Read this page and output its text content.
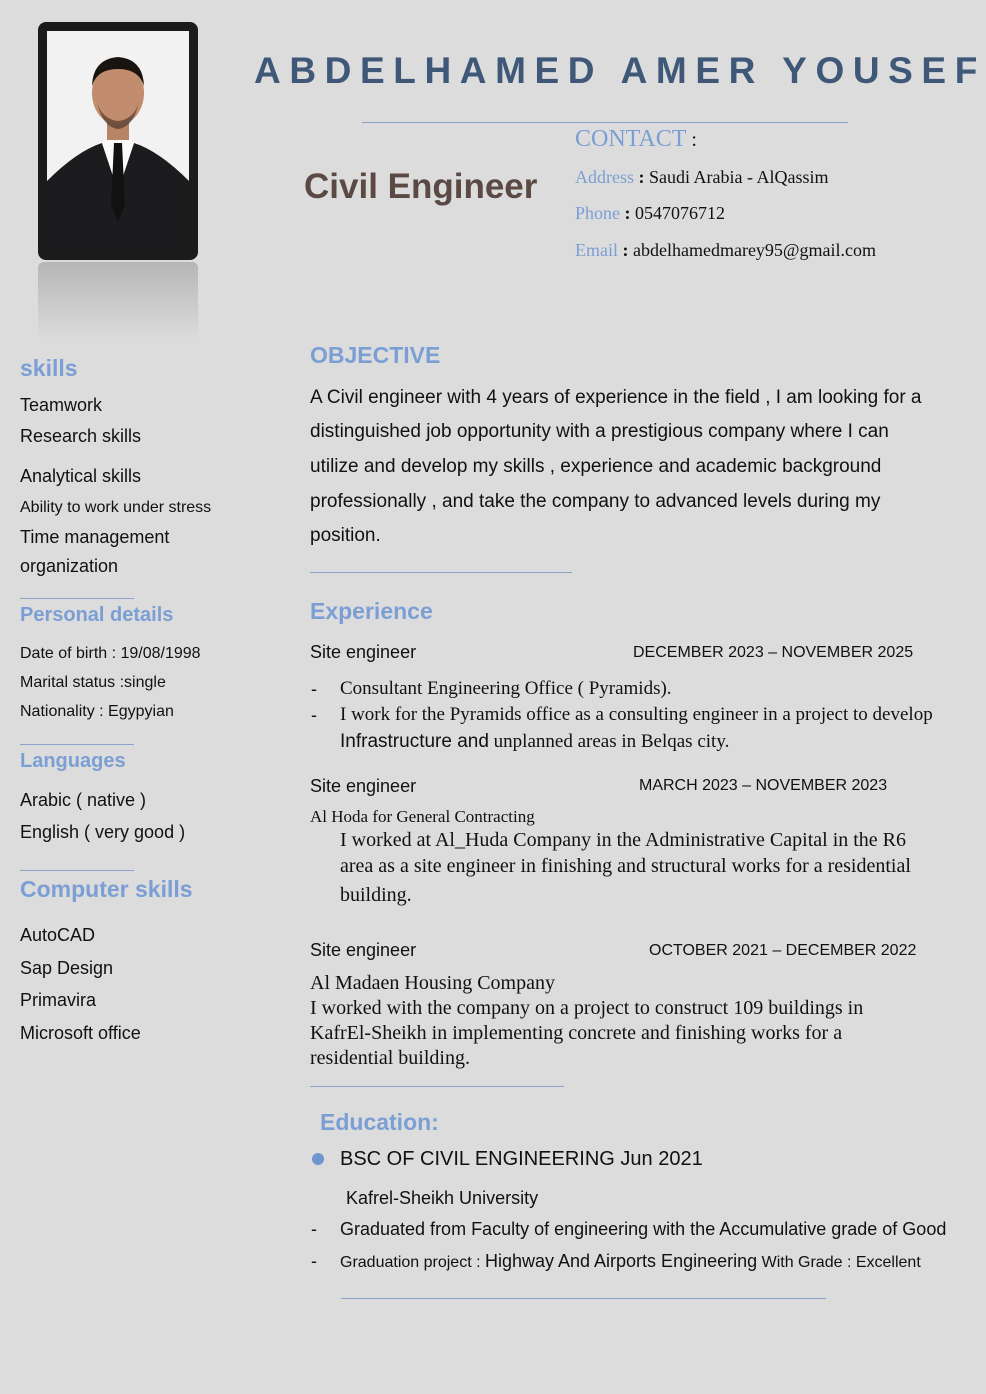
ABDELHAMED AMER YOUSEF
Civil Engineer
CONTACT :
Address : Saudi Arabia - AlQassim
Phone : 0547076712
Email : abdelhamedmarey95@gmail.com
skills
Teamwork
Research skills
Analytical skills
Ability to work under stress
Time management
organization
Personal details
Date of birth : 19/08/1998
Marital status :single
Nationality : Egypyian
Languages
Arabic ( native )
English ( very good )
Computer skills
AutoCAD
Sap Design
Primavira
Microsoft office
OBJECTIVE
A Civil engineer with 4 years of experience in the field , I am looking for a
distinguished job opportunity with a prestigious company where I can
utilize and develop my skills , experience and academic background
professionally , and take the company to advanced levels during my
position.
Experience
Site engineer	DECEMBER 2023 – NOVEMBER 2025
- Consultant Engineering Office ( Pyramids).
- I work for the Pyramids office as a consulting engineer in a project to develop
Infrastructure and unplanned areas in Belqas city.
Site engineer	MARCH 2023 – NOVEMBER 2023
Al Hoda for General Contracting
I worked at Al_Huda Company in the Administrative Capital in the R6
area as a site engineer in finishing and structural works for a residential
building.
Site engineer	OCTOBER 2021 – DECEMBER 2022
Al Madaen Housing Company
I worked with the company on a project to construct 109 buildings in
KafrEl-Sheikh in implementing concrete and finishing works for a
residential building.
Education:
BSC OF CIVIL ENGINEERING Jun 2021
Kafrel-Sheikh University
- Graduated from Faculty of engineering with the Accumulative grade of Good
- Graduation project : Highway And Airports Engineering With Grade : Excellent
